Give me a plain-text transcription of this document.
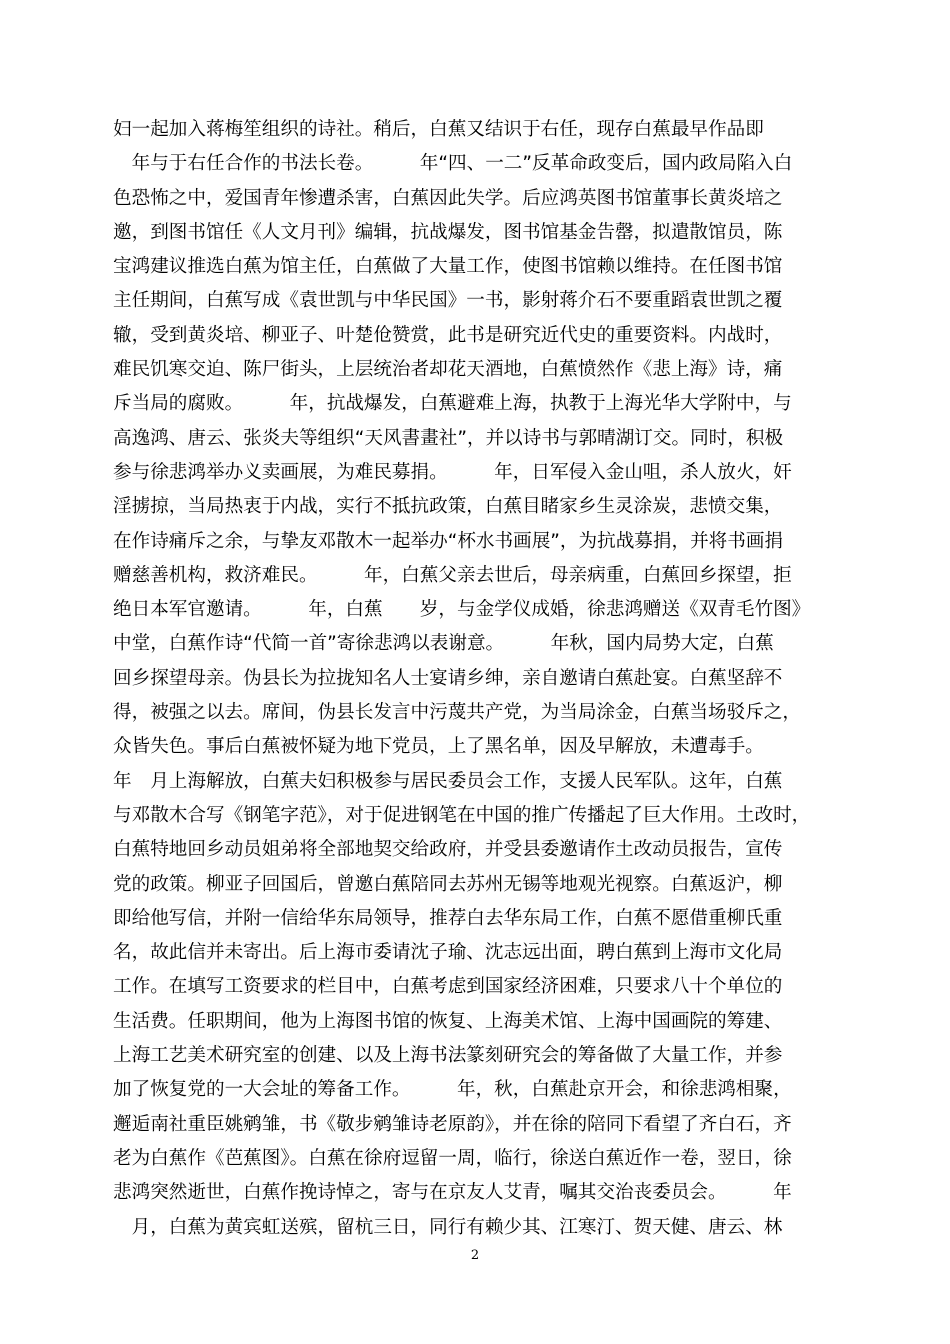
妇一起加入蒋梅笙组织的诗社。稍后，白蕉又结识于右任，现存白蕉最早作品即
　年与于右任合作的书法长卷。　　　年“四、一二”反革命政变后，国内政局陷入白
色恐怖之中，爱国青年惨遭杀害，白蕉因此失学。后应鸿英图书馆董事长黄炎培之
邀，到图书馆任《人文月刊》编辑，抗战爆发，图书馆基金告罄，拟遣散馆员，陈
宝鸿建议推选白蕉为馆主任，白蕉做了大量工作，使图书馆赖以维持。在任图书馆
主任期间，白蕉写成《袁世凯与中华民国》一书，影射蒋介石不要重蹈袁世凯之覆
辙，受到黄炎培、柳亚子、叶楚伧赞赏，此书是研究近代史的重要资料。内战时，
难民饥寒交迫、陈尸街头，上层统治者却花天酒地，白蕉愤然作《悲上海》诗，痛
斥当局的腐败。　　　年，抗战爆发，白蕉避难上海，执教于上海光华大学附中，与
高逸鸿、唐云、张炎夫等组织“天风書畫社”，并以诗书与郭晴湖订交。同时，积极
参与徐悲鸿举办义卖画展，为难民募捐。　　　年，日军侵入金山咀，杀人放火，奸
淫掳掠，当局热衷于内战，实行不抵抗政策，白蕉目睹家乡生灵涂炭，悲愤交集，
在作诗痛斥之余，与挚友邓散木一起举办“杯水书画展”，为抗战募捐，并将书画捐
赠慈善机构，救济难民。　　　年，白蕉父亲去世后，母亲病重，白蕉回乡探望，拒
绝日本军官邀请。　　　年，白蕉　　岁，与金学仪成婚，徐悲鸿赠送《双青毛竹图》
中堂，白蕉作诗“代简一首”寄徐悲鸿以表谢意。　　　年秋，国内局势大定，白蕉
回乡探望母亲。伪县长为拉拢知名人士宴请乡绅，亲自邀请白蕉赴宴。白蕉坚辞不
得，被强之以去。席间，伪县长发言中污蔑共产党，为当局涂金，白蕉当场驳斥之，
众皆失色。事后白蕉被怀疑为地下党员，上了黑名单，因及早解放，未遭毒手。
年　月上海解放，白蕉夫妇积极参与居民委员会工作，支援人民军队。这年，白蕉
与邓散木合写《钢笔字范》，对于促进钢笔在中国的推广传播起了巨大作用。土改时，
白蕉特地回乡动员姐弟将全部地契交给政府，并受县委邀请作土改动员报告，宣传
党的政策。柳亚子回国后，曾邀白蕉陪同去苏州无锡等地观光视察。白蕉返沪，柳
即给他写信，并附一信给华东局领导，推荐白去华东局工作，白蕉不愿借重柳氏重
名，故此信并未寄出。后上海市委请沈子瑜、沈志远出面，聘白蕉到上海市文化局
工作。在填写工资要求的栏目中，白蕉考虑到国家经济困难，只要求八十个单位的
生活费。任职期间，他为上海图书馆的恢复、上海美术馆、上海中国画院的筹建、
上海工艺美术研究室的创建、以及上海书法篆刻研究会的筹备做了大量工作，并参
加了恢复党的一大会址的筹备工作。　　　年，秋，白蕉赴京开会，和徐悲鸿相聚，
邂逅南社重臣姚鹓雏，书《敬步鹓雏诗老原韵》，并在徐的陪同下看望了齐白石，齐
老为白蕉作《芭蕉图》。白蕉在徐府逗留一周，临行，徐送白蕉近作一卷，翌日，徐
悲鸿突然逝世，白蕉作挽诗悼之，寄与在京友人艾青，嘱其交治丧委员会。　　　年
　月，白蕉为黄宾虹送殡，留杭三日，同行有赖少其、江寒汀、贺天健、唐云、林
2
